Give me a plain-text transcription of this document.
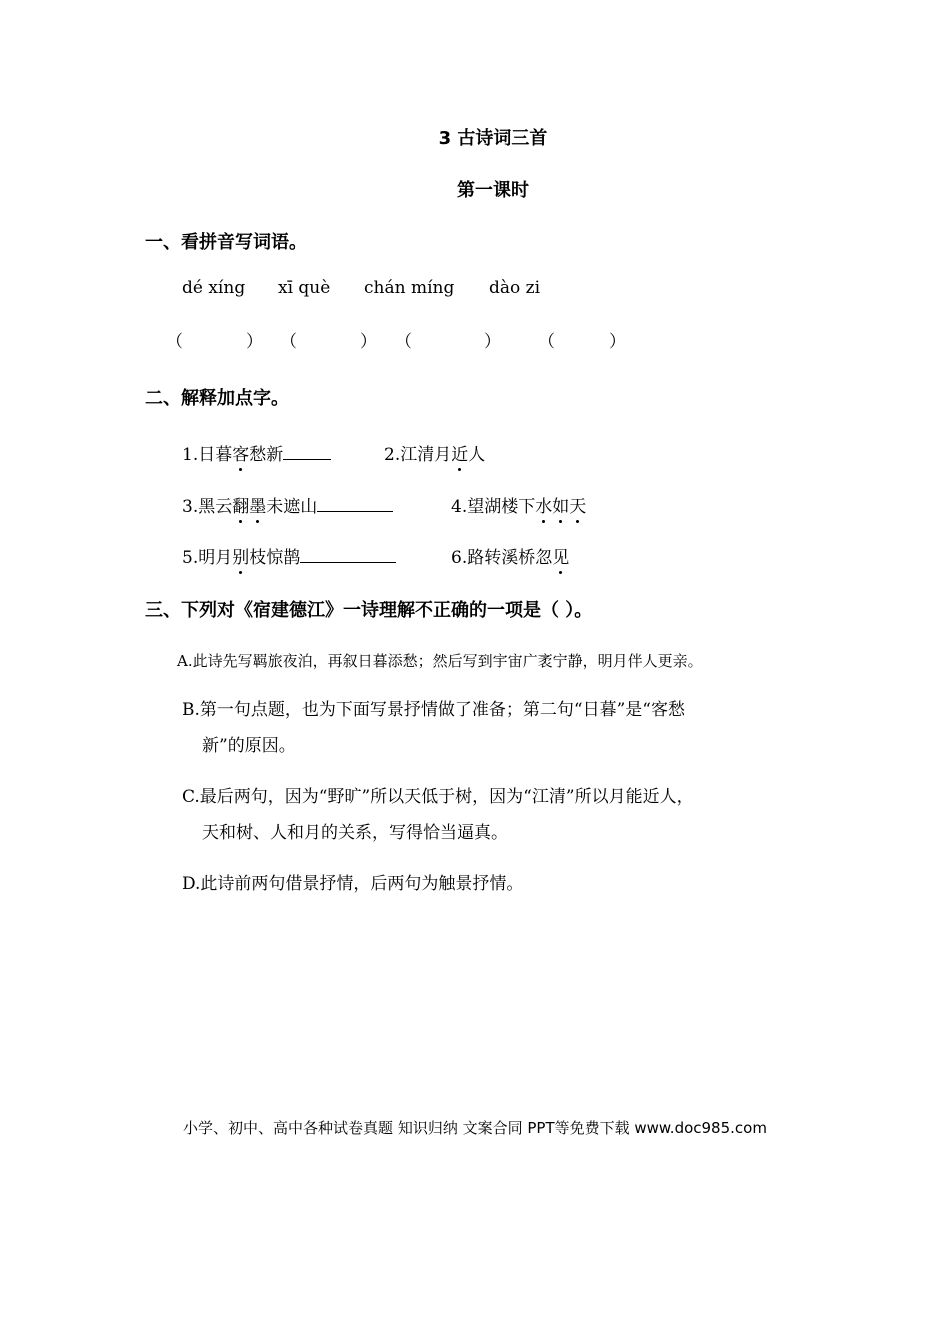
3 古诗词三首
第一课时
一、看拼音写词语。
dé xíng xī què chán míng dào zi
（	） （	） （	） （	）
二、解释加点字。
1.日暮客愁新	2.江清月近人
3.黑云翻墨未遮山	4.望湖楼下水如天
5.明月别枝惊鹊	6.路转溪桥忽见
三、下列对《宿建德江》一诗理解不正确的一项是（ ）。
A.此诗先写羁旅夜泊，再叙日暮添愁；然后写到宇宙广袤宁静，明月伴人更亲。
B.第一句点题，也为下面写景抒情做了准备；第二句“日暮”是“客愁
新”的原因。
C.最后两句，因为“野旷”所以天低于树，因为“江清”所以月能近人，
天和树、人和月的关系，写得恰当逼真。
D.此诗前两句借景抒情，后两句为触景抒情。
小学、初中、高中各种试卷真题 知识归纳 文案合同 PPT等免费下载 www.doc985.com
